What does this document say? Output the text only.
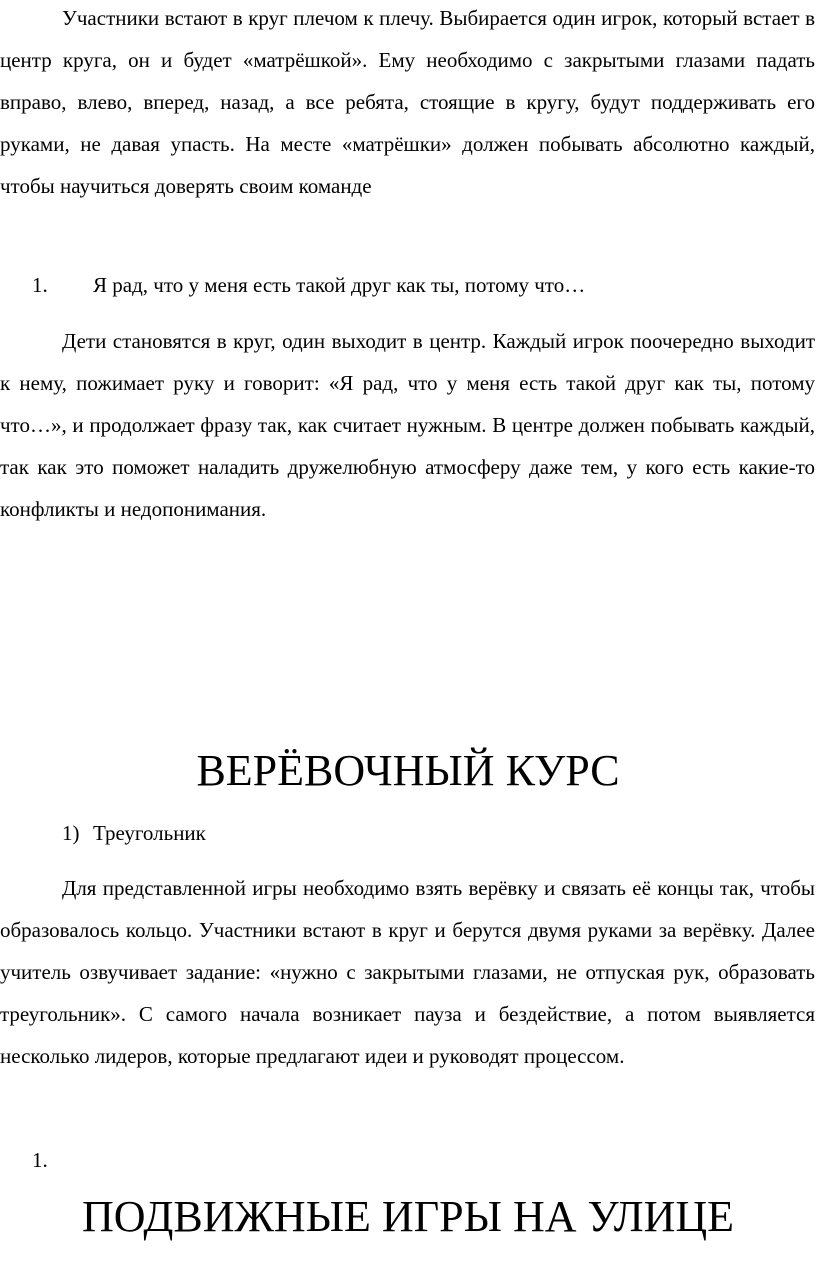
Участники встают в круг плечом к плечу. Выбирается один игрок, который встает в центр круга, он и будет «матрёшкой». Ему необходимо с закрытыми глазами падать вправо, влево, вперед, назад, а все ребята, стоящие в кругу, будут поддерживать его руками, не давая упасть. На месте «матрёшки» должен побывать абсолютно каждый, чтобы научиться доверять своим команде

1. Я рад, что у меня есть такой друг как ты, потому что…

Дети становятся в круг, один выходит в центр. Каждый игрок поочередно выходит к нему, пожимает руку и говорит: «Я рад, что у меня есть такой друг как ты, потому что…», и продолжает фразу так, как считает нужным. В центре должен побывать каждый, так как это поможет наладить дружелюбную атмосферу даже тем, у кого есть какие-то конфликты и недопонимания.

ВЕРЁВОЧНЫЙ КУРС
1) Треугольник

Для представленной игры необходимо взять верёвку и связать её концы так, чтобы образовалось кольцо. Участники встают в круг и берутся двумя руками за верёвку. Далее учитель озвучивает задание: «нужно с закрытыми глазами, не отпуская рук, образовать треугольник». С самого начала возникает пауза и бездействие, а потом выявляется несколько лидеров, которые предлагают идеи и руководят процессом.

1.
ПОДВИЖНЫЕ ИГРЫ НА УЛИЦЕ
